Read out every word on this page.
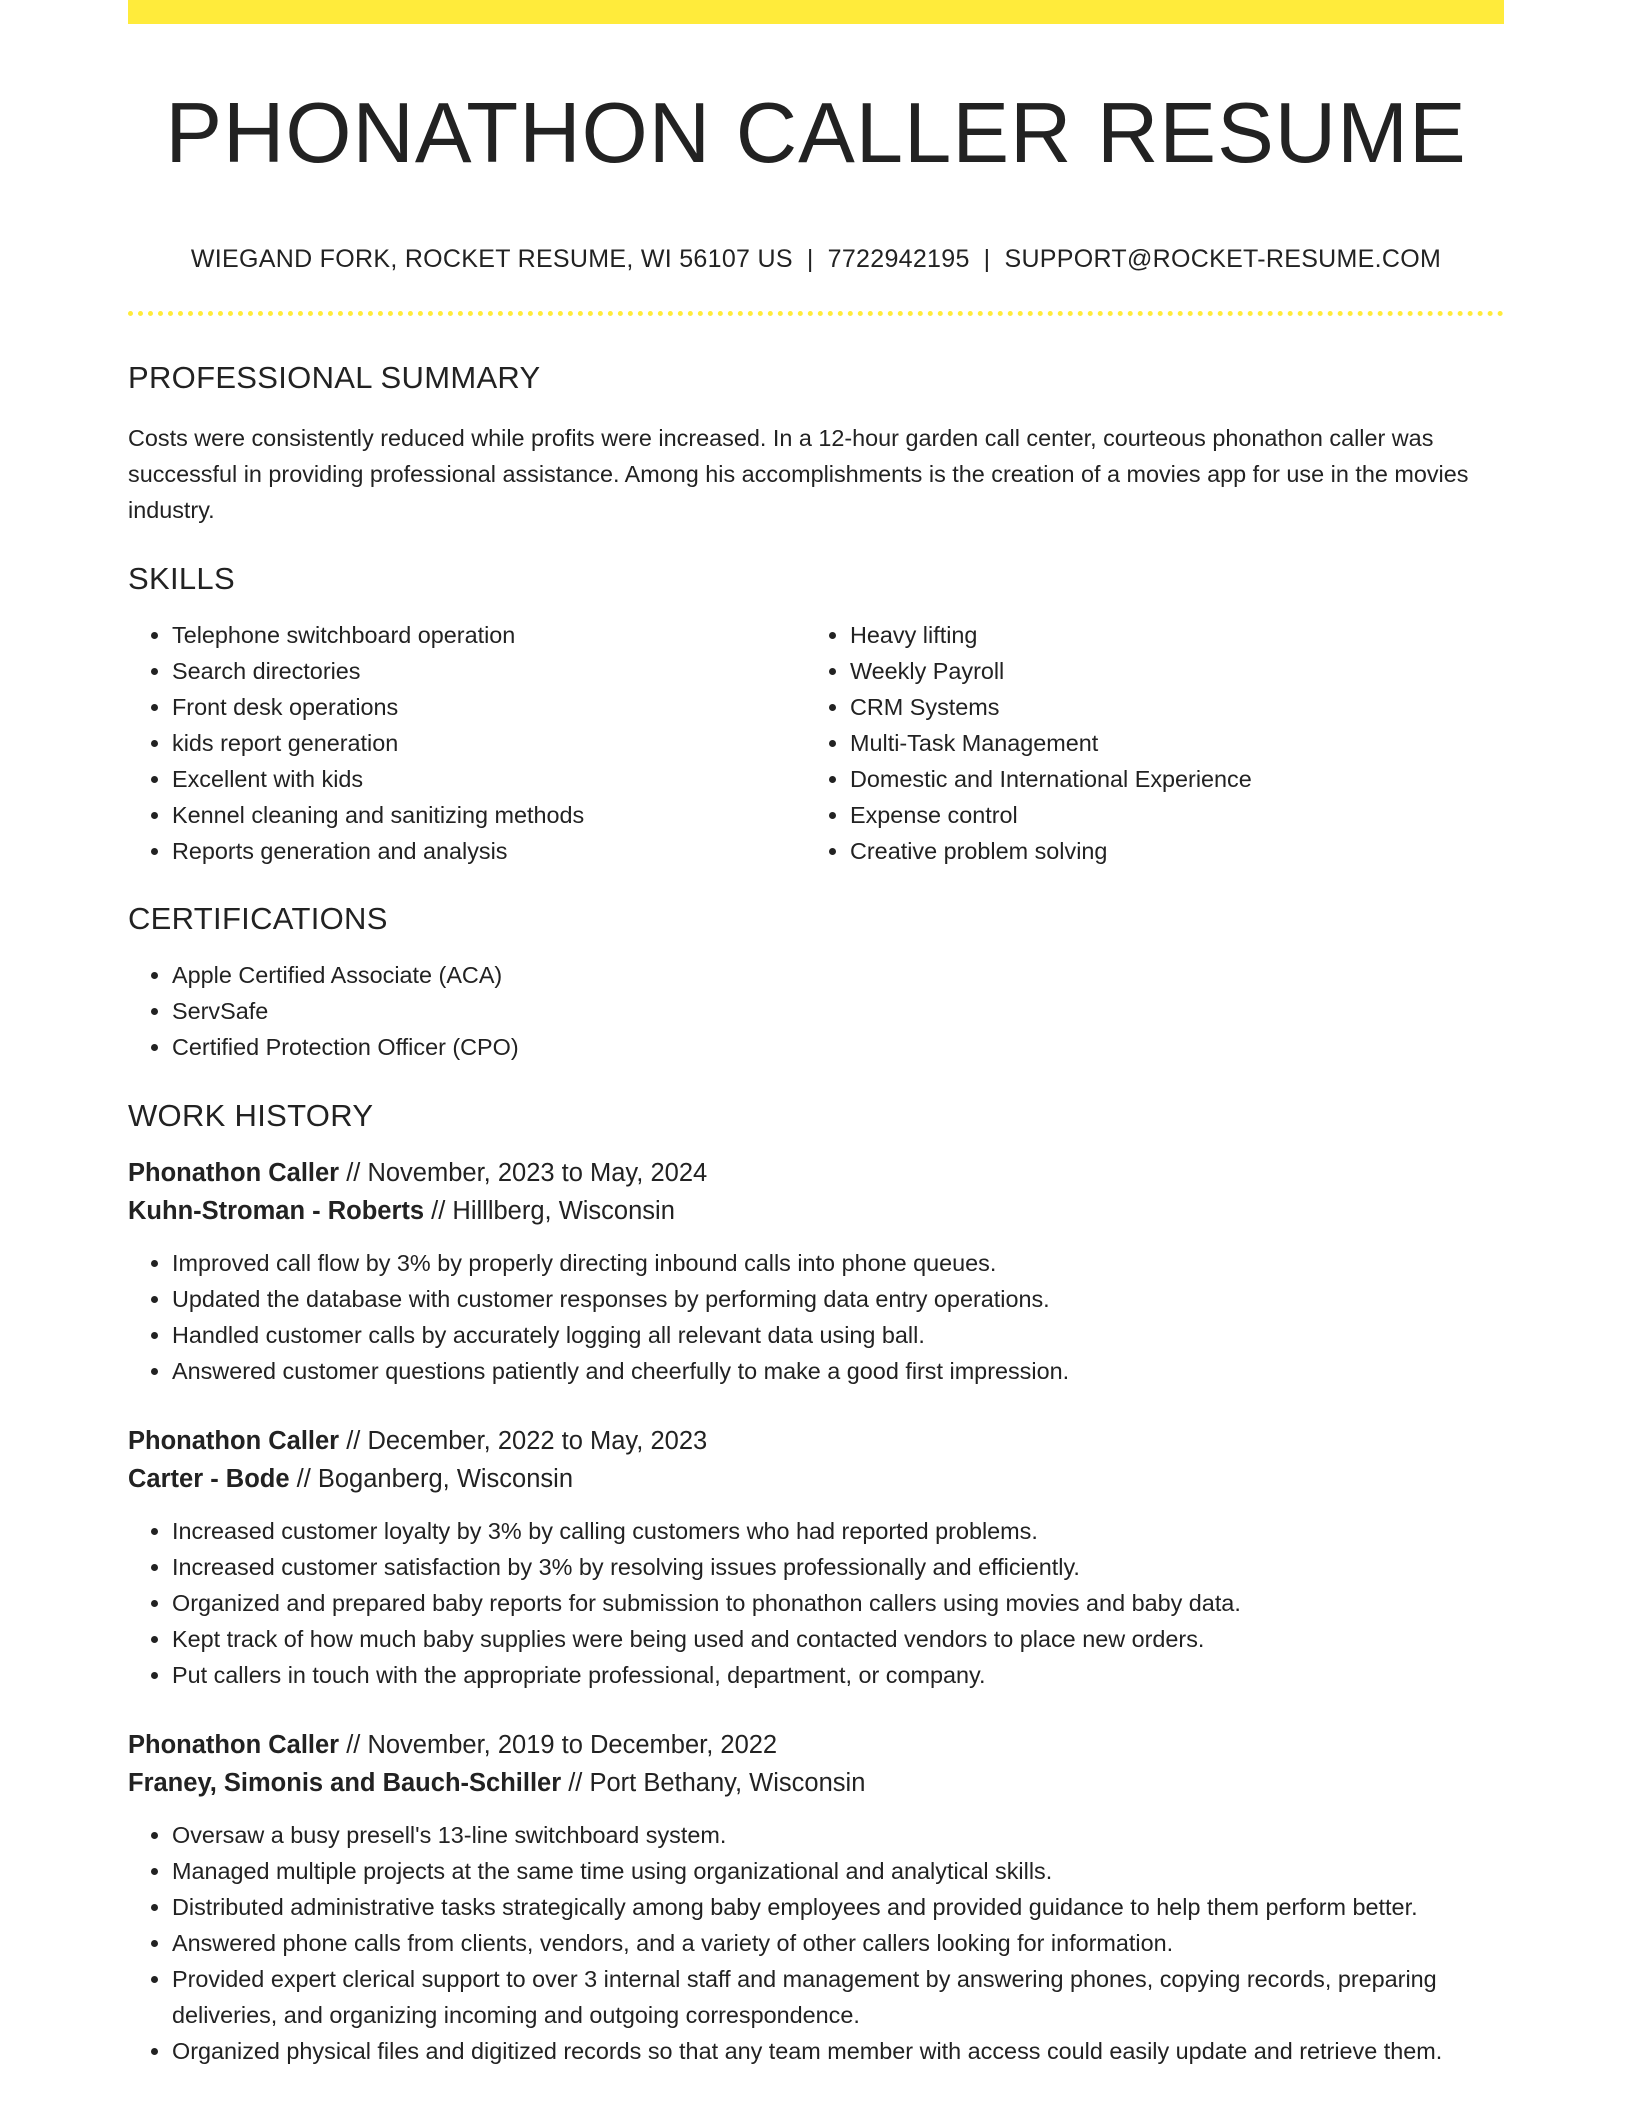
PHONATHON CALLER RESUME
WIEGAND FORK, ROCKET RESUME, WI 56107 US | 7722942195 | SUPPORT@ROCKET-RESUME.COM
PROFESSIONAL SUMMARY

Costs were consistently reduced while profits were increased. In a 12-hour garden call center, courteous phonathon caller was successful in providing professional assistance. Among his accomplishments is the creation of a movies app for use in the movies industry.

SKILLS
• Telephone switchboard operation
• Search directories
• Front desk operations
• kids report generation
• Excellent with kids
• Kennel cleaning and sanitizing methods
• Reports generation and analysis
• Heavy lifting
• Weekly Payroll
• CRM Systems
• Multi-Task Management
• Domestic and International Experience
• Expense control
• Creative problem solving
CERTIFICATIONS
• Apple Certified Associate (ACA)
• ServSafe
• Certified Protection Officer (CPO)
WORK HISTORY
Phonathon Caller // November, 2023 to May, 2024
Kuhn-Stroman - Roberts // Hilllberg, Wisconsin
• Improved call flow by 3% by properly directing inbound calls into phone queues.
• Updated the database with customer responses by performing data entry operations.
• Handled customer calls by accurately logging all relevant data using ball.
• Answered customer questions patiently and cheerfully to make a good first impression.
Phonathon Caller // December, 2022 to May, 2023
Carter - Bode // Boganberg, Wisconsin
• Increased customer loyalty by 3% by calling customers who had reported problems.
• Increased customer satisfaction by 3% by resolving issues professionally and efficiently.
• Organized and prepared baby reports for submission to phonathon callers using movies and baby data.
• Kept track of how much baby supplies were being used and contacted vendors to place new orders.
• Put callers in touch with the appropriate professional, department, or company.
Phonathon Caller // November, 2019 to December, 2022
Franey, Simonis and Bauch-Schiller // Port Bethany, Wisconsin
• Oversaw a busy presell's 13-line switchboard system.
• Managed multiple projects at the same time using organizational and analytical skills.
• Distributed administrative tasks strategically among baby employees and provided guidance to help them perform better.
• Answered phone calls from clients, vendors, and a variety of other callers looking for information.
• Provided expert clerical support to over 3 internal staff and management by answering phones, copying records, preparing deliveries, and organizing incoming and outgoing correspondence.
• Organized physical files and digitized records so that any team member with access could easily update and retrieve them.
